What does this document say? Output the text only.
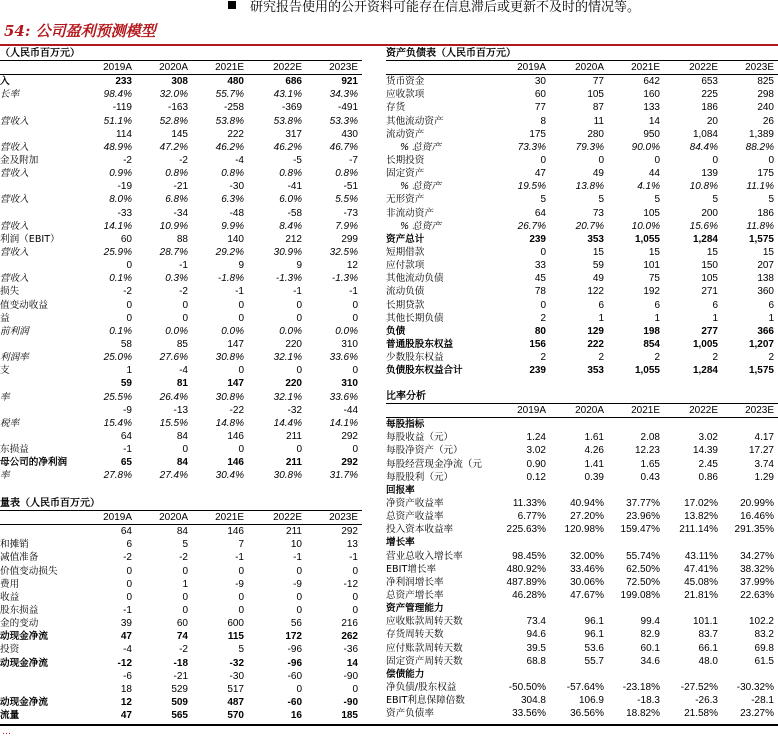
研究报告使用的公开资料可能存在信息滞后或更新不及时的情况等。
54: 公司盈利预测模型
（人民币百万元）
2019A	2020A	2021E	2022E	2023E
入	233	308	480	686	921
长率	98.4%	32.0%	55.7%	43.1%	34.3%
-119	-163	-258	-369	-491
营收入	51.1%	52.8%	53.8%	53.8%	53.3%
114	145	222	317	430
营收入	48.9%	47.2%	46.2%	46.2%	46.7%
金及附加	-2	-2	-4	-5	-7
营收入	0.9%	0.8%	0.8%	0.8%	0.8%
-19	-21	-30	-41	-51
营收入	8.0%	6.8%	6.3%	6.0%	5.5%
-33	-34	-48	-58	-73
营收入	14.1%	10.9%	9.9%	8.4%	7.9%
利润（EBIT）	60	88	140	212	299
营收入	25.9%	28.7%	29.2%	30.9%	32.5%
0	-1	9	9	12
营收入	0.1%	0.3%	-1.8%	-1.3%	-1.3%
损失	-2	-2	-1	-1	-1
值变动收益	0	0	0	0	0
益	0	0	0	0	0
前利润	0.1%	0.0%	0.0%	0.0%	0.0%
58	85	147	220	310
利润率	25.0%	27.6%	30.8%	32.1%	33.6%
支	1	-4	0	0	0
59	81	147	220	310
率	25.5%	26.4%	30.8%	32.1%	33.6%
-9	-13	-22	-32	-44
税率	15.4%	15.5%	14.8%	14.4%	14.1%
64	84	146	211	292
东损益	-1	0	0	0	0
母公司的净利润	65	84	146	211	292
率	27.8%	27.4%	30.4%	30.8%	31.7%
量表（人民币百万元）
2019A	2020A	2021E	2022E	2023E
64	84	146	211	292
和摊销	6	5	7	10	13
减值准备	-2	-2	-1	-1	-1
价值变动损失	0	0	0	0	0
费用	0	1	-9	-9	-12
收益	0	0	0	0	0
股东损益	-1	0	0	0	0
金的变动	39	60	600	56	216
动现金净流	47	74	115	172	262
投资	-4	-2	5	-96	-36
动现金净流	-12	-18	-32	-96	14
-6	-21	-30	-60	-90
18	529	517	0	0
动现金净流	12	509	487	-60	-90
流量	47	565	570	16	185
资产负债表（人民币百万元）
2019A	2020A	2021E	2022E	2023E
货币资金	30	77	642	653	825
应收款项	60	105	160	225	298
存货	77	87	133	186	240
其他流动资产	8	11	14	20	26
流动资产	175	280	950	1,084	1,389
% 总资产	73.3%	79.3%	90.0%	84.4%	88.2%
长期投资	0	0	0	0	0
固定资产	47	49	44	139	175
% 总资产	19.5%	13.8%	4.1%	10.8%	11.1%
无形资产	5	5	5	5	5
非流动资产	64	73	105	200	186
% 总资产	26.7%	20.7%	10.0%	15.6%	11.8%
资产总计	239	353	1,055	1,284	1,575
短期借款	0	15	15	15	15
应付款项	33	59	101	150	207
其他流动负债	45	49	75	105	138
流动负债	78	122	192	271	360
长期贷款	0	6	6	6	6
其他长期负债	2	1	1	1	1
负债	80	129	198	277	366
普通股股东权益	156	222	854	1,005	1,207
少数股东权益	2	2	2	2	2
负债股东权益合计	239	353	1,055	1,284	1,575
比率分析
2019A	2020A	2021E	2022E	2023E
每股指标
每股收益（元）	1.24	1.61	2.08	3.02	4.17
每股净资产（元）	3.02	4.26	12.23	14.39	17.27
每股经营现金净流（元	0.90	1.41	1.65	2.45	3.74
每股股利（元）	0.12	0.39	0.43	0.86	1.29
回报率
净资产收益率	11.33%	40.94%	37.77%	17.02%	20.99%
总资产收益率	6.77%	27.20%	23.96%	13.82%	16.46%
投入资本收益率	225.63%	120.98%	159.47%	211.14%	291.35%
增长率
营业总收入增长率	98.45%	32.00%	55.74%	43.11%	34.27%
EBIT增长率	480.92%	33.46%	62.50%	47.41%	38.32%
净利润增长率	487.89%	30.06%	72.50%	45.08%	37.99%
总资产增长率	46.28%	47.67%	199.08%	21.81%	22.63%
资产管理能力
应收账款周转天数	73.4	96.1	99.4	101.1	102.2
存货周转天数	94.6	96.1	82.9	83.7	83.2
应付账款周转天数	39.5	53.6	60.1	66.1	69.8
固定资产周转天数	68.8	55.7	34.6	48.0	61.5
偿债能力
净负债/股东权益	-50.50%	-57.64%	-23.18%	-27.52%	-30.32%
EBIT利息保障倍数	304.8	106.9	-18.3	-26.3	-28.1
资产负债率	33.56%	36.56%	18.82%	21.58%	23.27%
…
